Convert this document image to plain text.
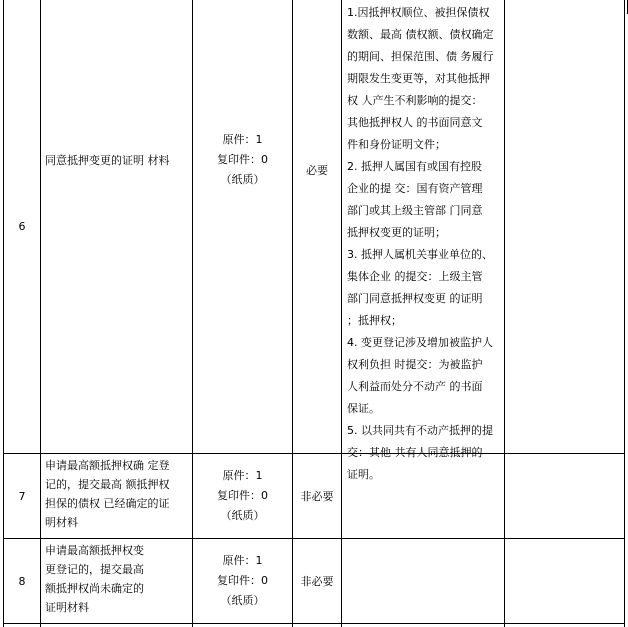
6
同意抵押变更的证明 材料
原件：1
复印件：0
（纸质）
必要

1.因抵押权顺位、被担保债权
数额、最高 债权额、债权确定
的期间、担保范围、债 务履行
期限发生变更等，对其他抵押
权 人产生不利影响的提交：
其他抵押权人 的书面同意文
件和身份证明文件；

2. 抵押人属国有或国有控股
企业的提 交：国有资产管理
部门或其上级主管部 门同意
抵押权变更的证明；

3. 抵押人属机关事业单位的、
集体企业 的提交：上级主管
部门同意抵押权变更 的证明
；抵押权；

4. 变更登记涉及增加被监护人
权利负担 时提交：为被监护
人利益而处分不动产 的书面
保证。

5. 以共同共有不动产抵押的提
交：其他 共有人同意抵押的
证明。

7
申请最高额抵押权确 定登
记的，提交最高 额抵押权
担保的债权 已经确定的证
明材料
原件：1
复印件：0
（纸质）
非必要
8
申请最高额抵押权变
更登记的，提交最高
额抵押权尚未确定的
证明材料
原件：1
复印件：0
（纸质）
非必要
